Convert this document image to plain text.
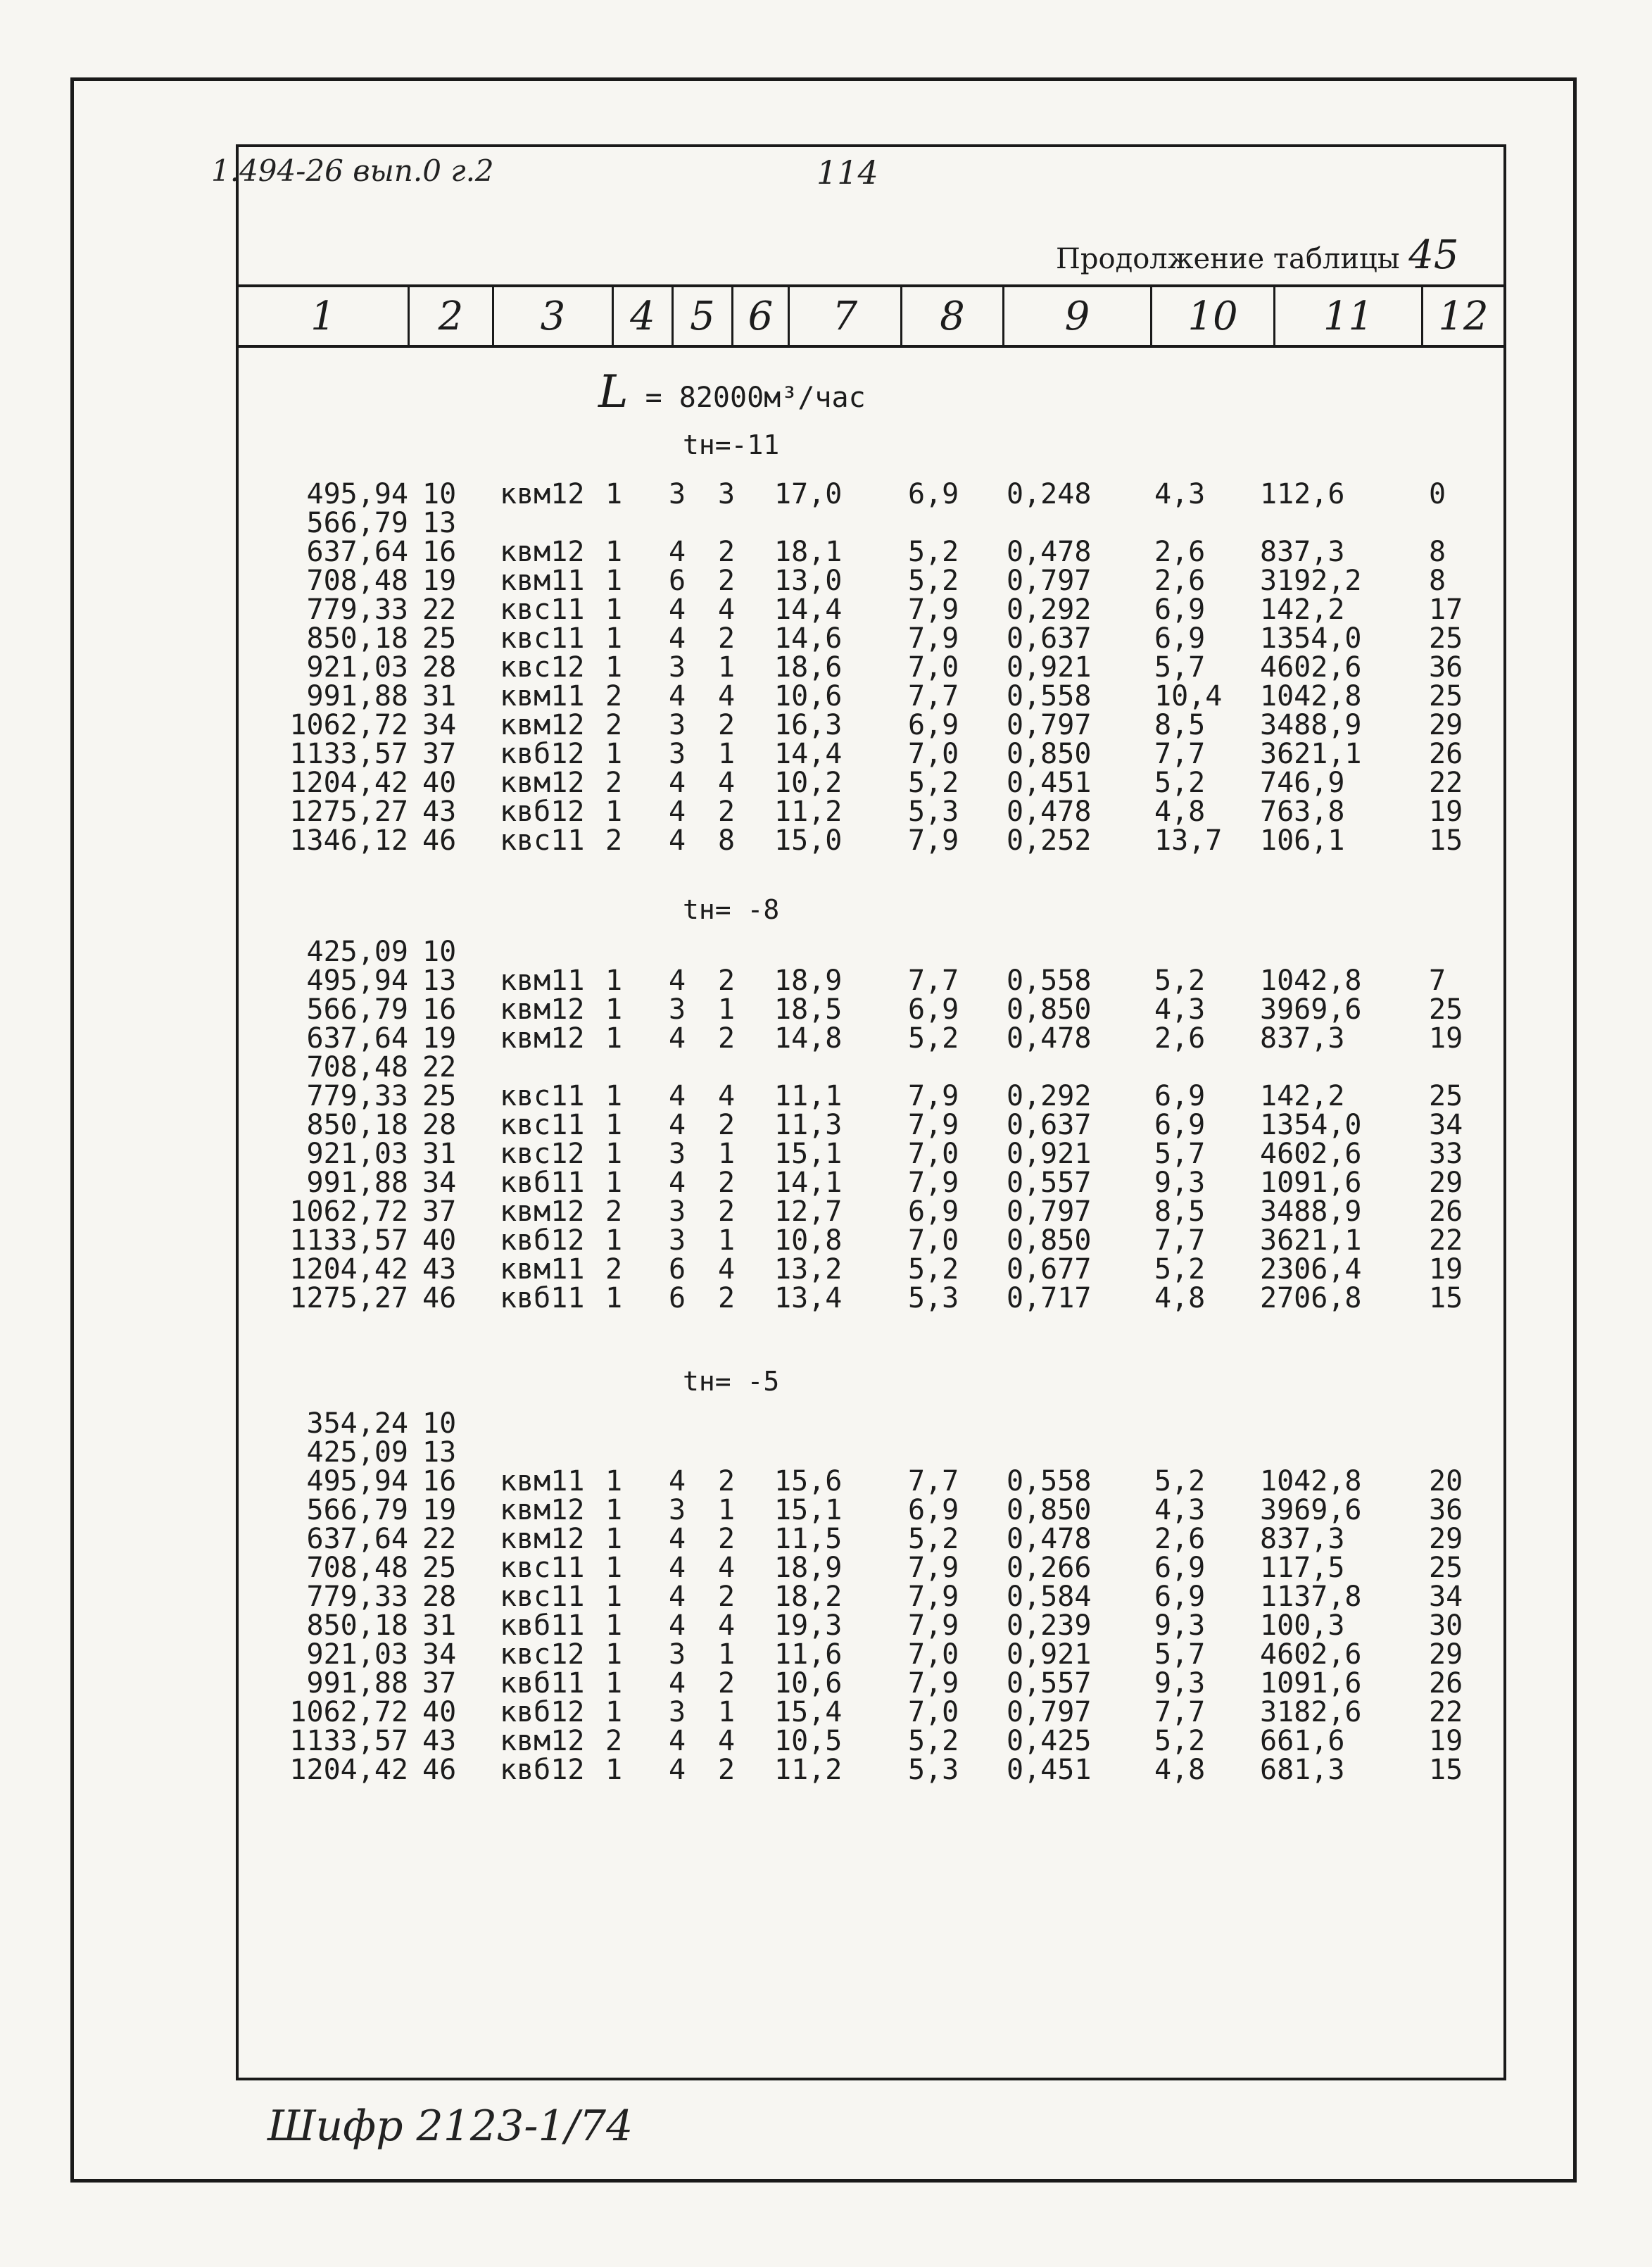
1.494-26 вып.0 г.2	114
Продолжение таблицы 45
1	2	3	4 5 6	7	8	9	10	11	12
L = 82000м³/час
tн=-11
495,94 10 квм12 1 3 3 17,0 6,9 0,248 4,3 112,6	0
566,79 13
637,64 16 квм12 1 4 2 18,1 5,2 0,478 2,6 837,3	8
708,48 19 квм11 1 6 2 13,0 5,2 0,797 2,6 3192,2 8
779,33 22 квс11 1 4 4 14,4 7,9 0,292 6,9 142,2	17
850,18 25 квс11 1 4 2 14,6 7,9 0,637 6,9 1354,0 25
921,03 28 квс12 1 3 1 18,6 7,0 0,921 5,7 4602,6 36
991,88 31 квм11 2 4 4 10,6 7,7 0,558 10,4 1042,8 25
1062,72 34 квм12 2 3 2 16,3 6,9 0,797 8,5 3488,9 29
1133,57 37 квб12 1 3 1 14,4 7,0 0,850 7,7 3621,1 26
1204,42 40 квм12 2 4 4 10,2 5,2 0,451 5,2 746,9	22
1275,27 43 квб12 1 4 2 11,2 5,3 0,478 4,8 763,8	19
1346,12 46 квс11 2 4 8 15,0 7,9 0,252 13,7 106,1	15
tн= -8
425,09 10
495,94 13 квм11 1 4 2 18,9 7,7 0,558 5,2 1042,8 7
566,79 16 квм12 1 3 1 18,5 6,9 0,850 4,3 3969,6 25
637,64 19 квм12 1 4 2 14,8 5,2 0,478 2,6 837,3	19
708,48 22
779,33 25 квс11 1 4 4 11,1 7,9 0,292 6,9 142,2	25
850,18 28 квс11 1 4 2 11,3 7,9 0,637 6,9 1354,0 34
921,03 31 квс12 1 3 1 15,1 7,0 0,921 5,7 4602,6 33
991,88 34 квб11 1 4 2 14,1 7,9 0,557 9,3 1091,6 29
1062,72 37 квм12 2 3 2 12,7 6,9 0,797 8,5 3488,9 26
1133,57 40 квб12 1 3 1 10,8 7,0 0,850 7,7 3621,1 22
1204,42 43 квм11 2 6 4 13,2 5,2 0,677 5,2 2306,4 19
1275,27 46 квб11 1 6 2 13,4 5,3 0,717 4,8 2706,8 15
tн= -5
354,24 10
425,09 13
495,94 16 квм11 1 4 2 15,6 7,7 0,558 5,2 1042,8 20
566,79 19 квм12 1 3 1 15,1 6,9 0,850 4,3 3969,6 36
637,64 22 квм12 1 4 2 11,5 5,2 0,478 2,6 837,3	29
708,48 25 квс11 1 4 4 18,9 7,9 0,266 6,9 117,5	25
779,33 28 квс11 1 4 2 18,2 7,9 0,584 6,9 1137,8 34
850,18 31 квб11 1 4 4 19,3 7,9 0,239 9,3 100,3	30
921,03 34 квс12 1 3 1 11,6 7,0 0,921 5,7 4602,6 29
991,88 37 квб11 1 4 2 10,6 7,9 0,557 9,3 1091,6 26
1062,72 40 квб12 1 3 1 15,4 7,0 0,797 7,7 3182,6 22
1133,57 43 квм12 2 4 4 10,5 5,2 0,425 5,2 661,6	19
1204,42 46 квб12 1 4 2 11,2 5,3 0,451 4,8 681,3	15
Шифр 2123-1/74
